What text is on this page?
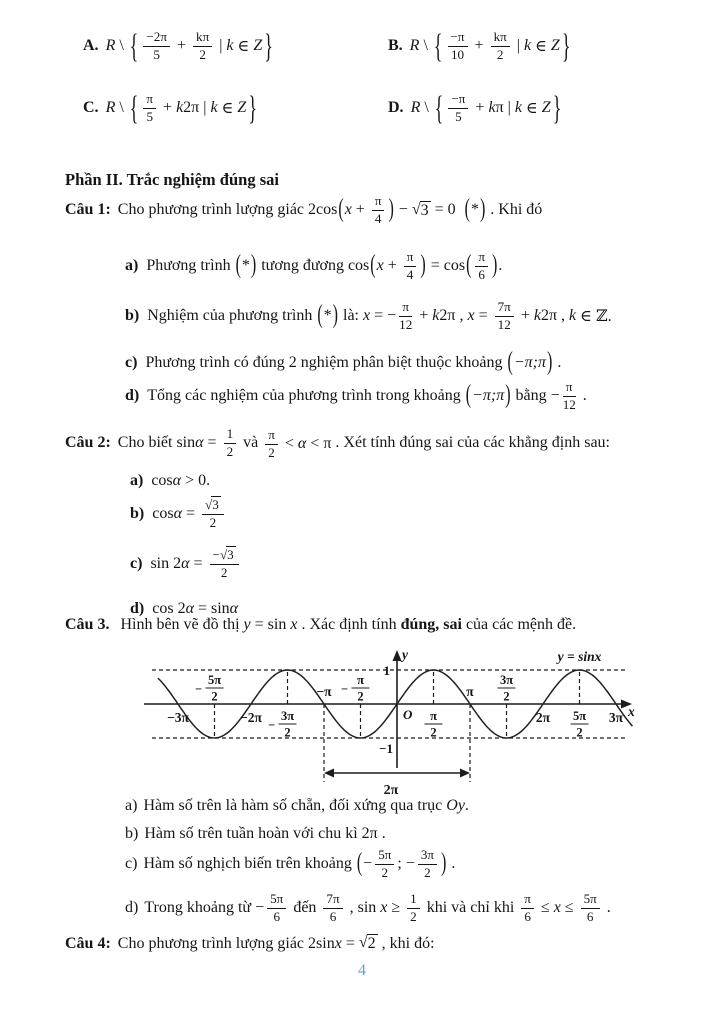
A. R \ { −2π
$5 + \frac{k\pi}{2}$ | k ∈ Z }	B. R \ { −π
$10 + \frac{k\pi}{2}$ | k ∈ Z }
C. R \ { π
5 + k 2π | k ∈ Z }	D. R \ { −π
5 + k π | k ∈ Z }
Phần II. Trắc nghiệm đúng sai
Câu 1: Cho phương trình lượng giác 2cos ( $x + \frac{\pi}{4}$ ) − √ 3 = 0 ( * ) . Khi đó
a) Phương trình ( * ) tương đương cos ( $x + \frac{\pi}{4}$ ) = cos ( π
6 ) .
b) Nghiệm của phương trình ( * ) là: x = − $\frac{\pi}{12} + k$ 2π , $x = \frac{7\pi}{12} + k$ 2π , k ∈ ℤ.
c) Phương trình có đúng 2 nghiệm phân biệt thuộc khoảng ( −π;π ) .
d) Tổng các nghiệm của phương trình trong khoảng ( −π;π ) bằng − $\frac{\pi}{12}$ .
Câu 2: Cho biết $\sin \alpha = \frac{1}{2}$ và π
2 < α < π . Xét tính đúng sai của các khẳng định sau:
a) cos α > 0.
b) $\cos \alpha = \frac{√3}{2}$
c) sin 2 $\alpha = \frac{-√3}{2}$
d) cos 2 α = sin α
Câu 3. Hình bên vẽ đồ thị y = sin x . Xác định tính đúng, sai của các mệnh đề.
2π
−3π
5π
2
−
−2π 3π
2
−
−π
π
2
−
π
2
π
3π
2
2π 5π
2
3π
1
−1
O	x
y	y = sinx
a) Hàm số trên là hàm số chẵn, đối xứng qua trục Oy .
b) Hàm số trên tuần hoàn với chu kì 2π .
c) Hàm số nghịch biến trên khoảng ( − $\frac{5\pi}{2}$ ; − $\frac{3\pi}{2}$ ) .
d) Trong khoảng từ − $\frac{5\pi}{6}$ đến
7π
6 , $\sin x \ge \frac{1}{2}$ khi và chỉ khi $\frac{\pi}{6} \le x \le \frac{5\pi}{6}$ .
Câu 4: Cho phương trình lượng giác 2sin x = √ 2 , khi đó:
4
